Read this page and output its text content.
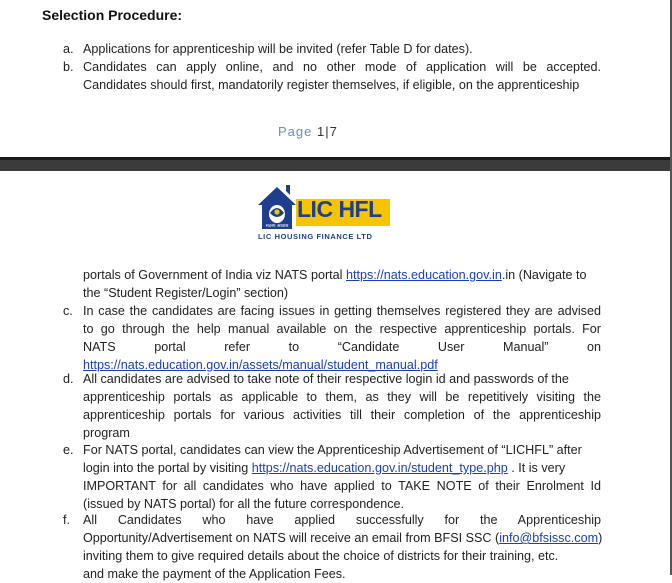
Selection Procedure:
a. Applications for apprenticeship will be invited (refer Table D for dates).
b. Candidates can apply online, and no other mode of application will be accepted.
Candidates should first, mandatorily register themselves, if eligible, on the apprenticeship
Page 1|7
सदस्य आवास
LIC HFL
LIC HOUSING FINANCE LTD
portals of Government of India viz NATS portal https://nats.education.gov.in.in (Navigate to
the “Student Register/Login” section)
c. In case the candidates are facing issues in getting themselves registered they are advised
to go through the help manual available on the respective apprenticeship portals. For
NATS	portal	refer	to	“Candidate	User	Manual”	on
https://nats.education.gov.in/assets/manual/student_manual.pdf
d. All candidates are advised to take note of their respective login id and passwords of the
apprenticeship portals as applicable to them, as they will be repetitively visiting the
apprenticeship portals for various activities till their completion of the apprenticeship
program
e. For NATS portal, candidates can view the Apprenticeship Advertisement of “LICHFL” after
login into the portal by visiting https://nats.education.gov.in/student_type.php . It is very
IMPORTANT for all candidates who have applied to TAKE NOTE of their Enrolment Id
(issued by NATS portal) for all the future correspondence.
f. All Candidates who have applied successfully for the Apprenticeship
Opportunity/Advertisement on NATS will receive an email from BFSI SSC (info@bfsissc.com)
inviting them to give required details about the choice of districts for their training, etc.
and make the payment of the Application Fees.
